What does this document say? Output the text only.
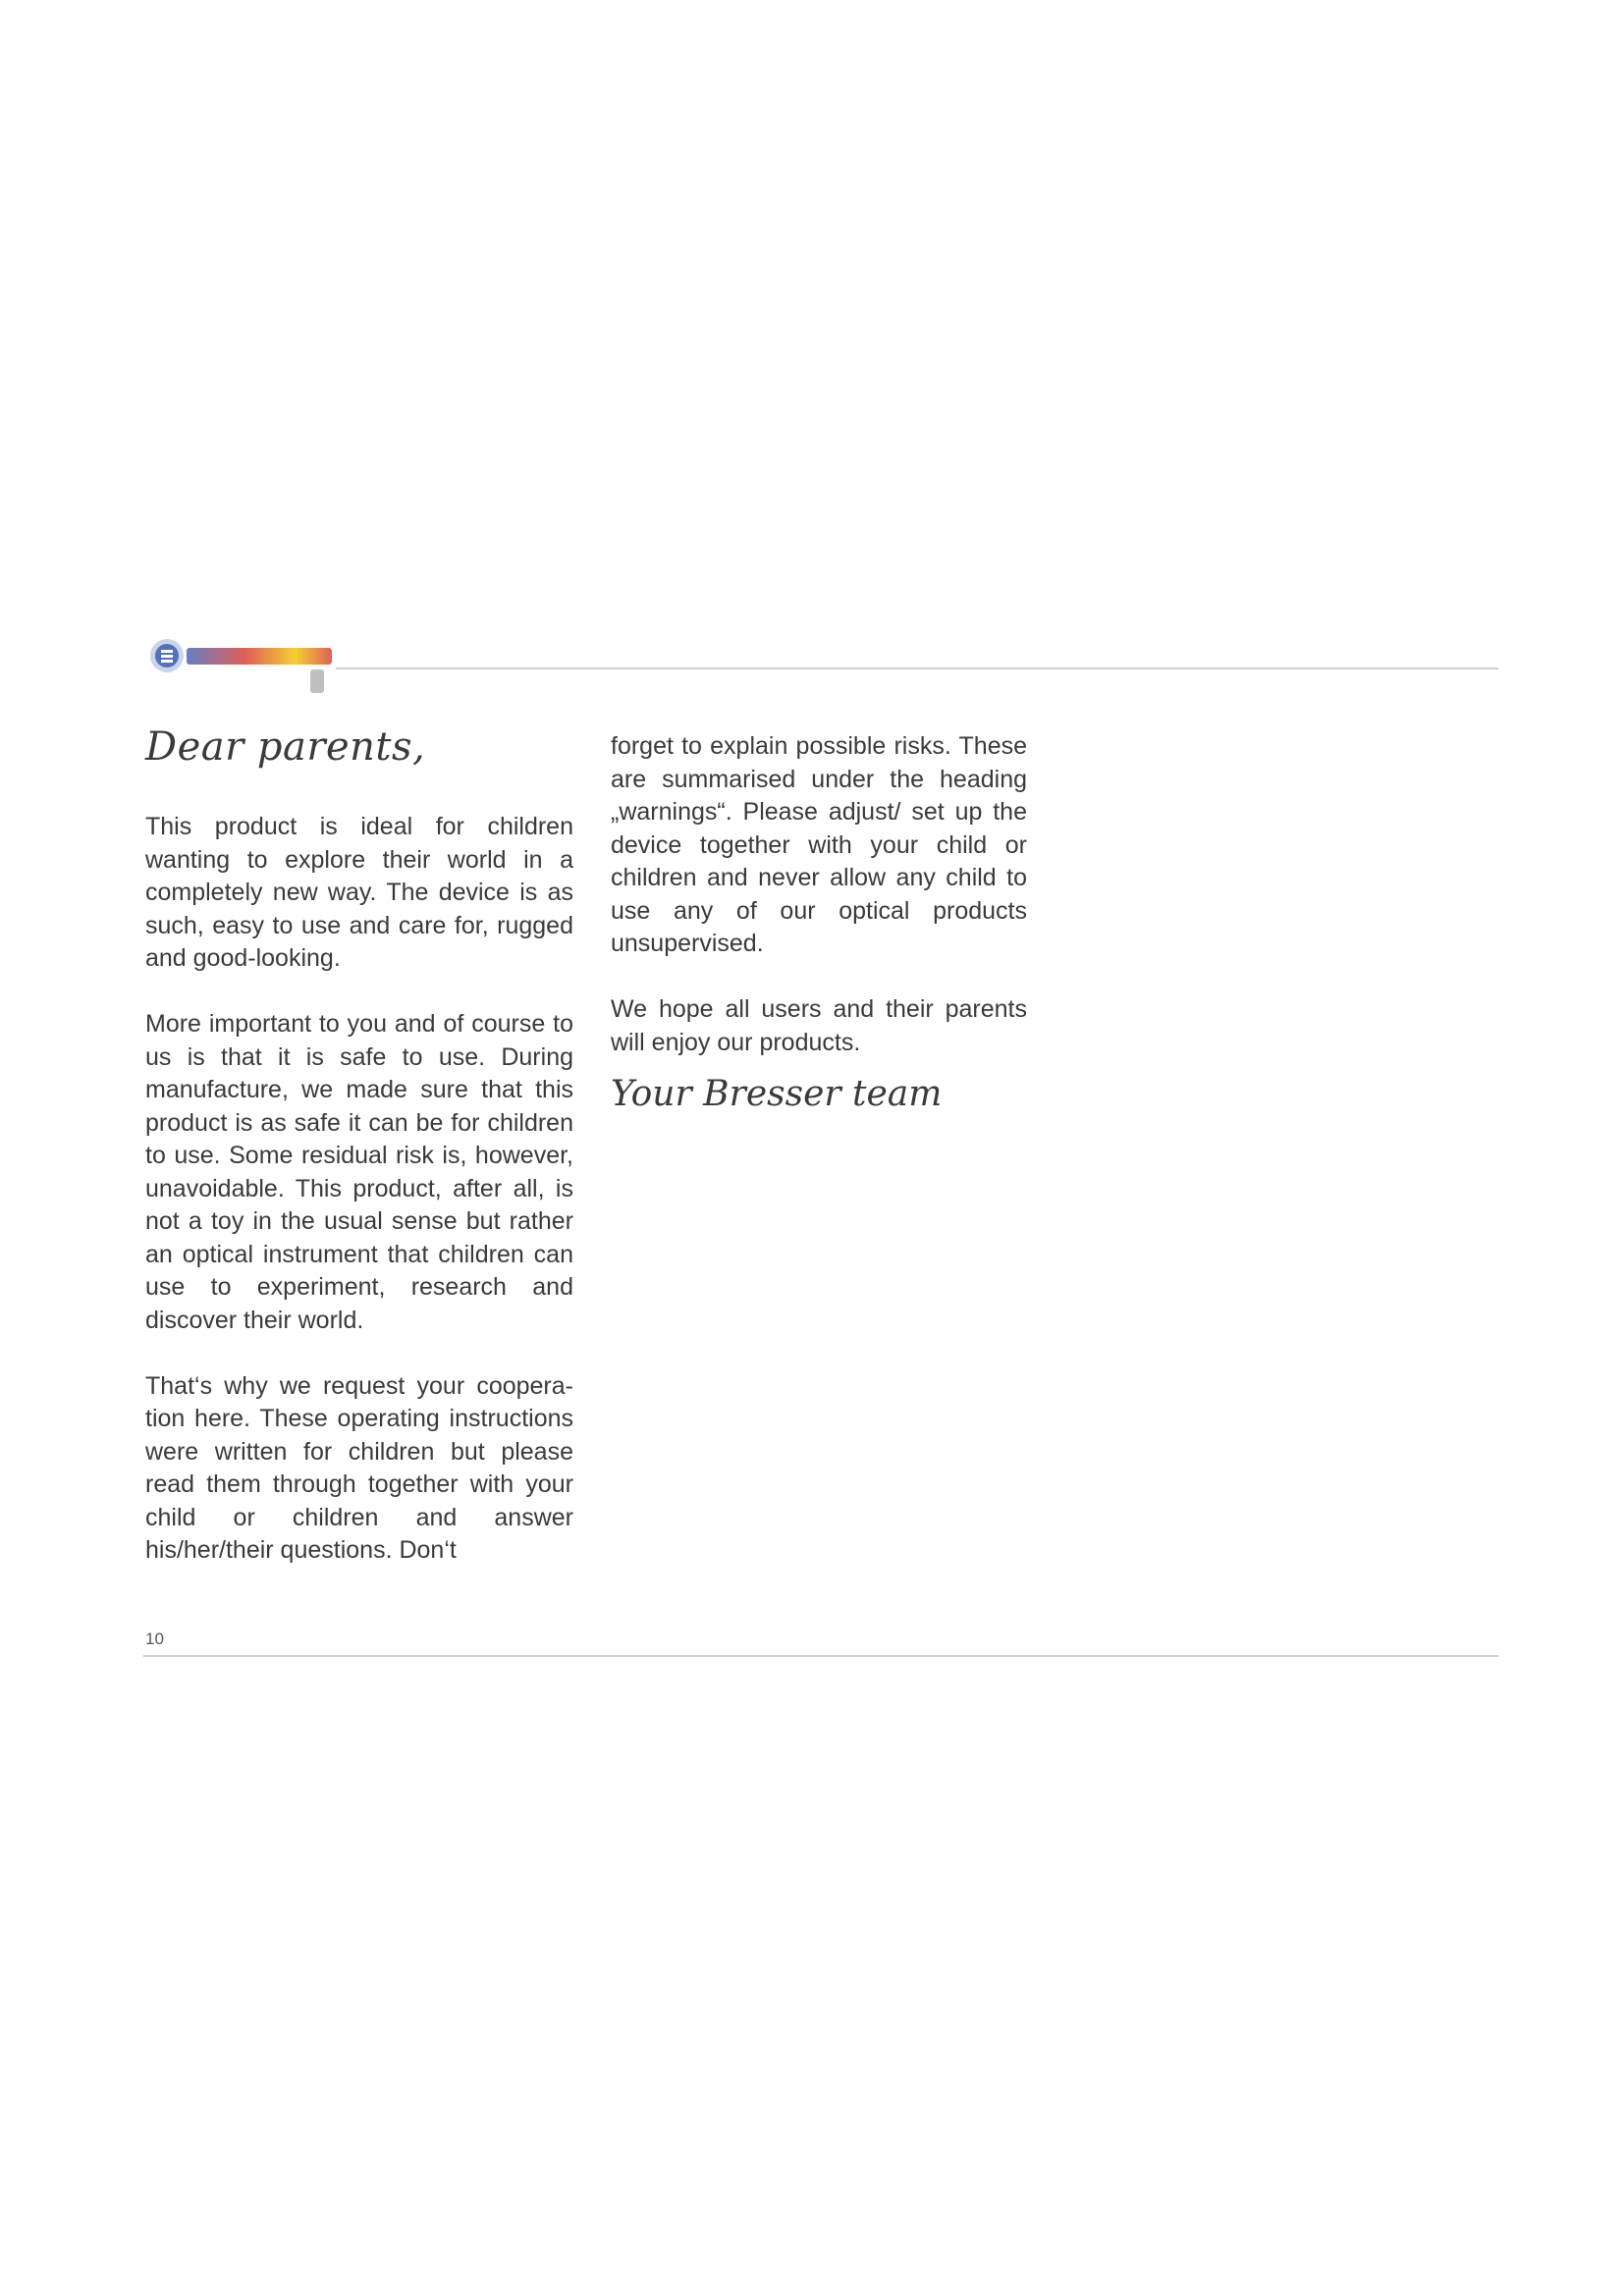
Dear parents,

This product is ideal for children wanting to explore their world in a completely new way. The device is as such, easy to use and care for, rugged and good-looking.

More important to you and of course to us is that it is safe to use. During manufacture, we made sure that this product is as safe it can be for children to use. Some residual risk is, however, unavoidable. This product, after all, is not a toy in the usual sense but rather an optical instrument that children can use to experiment, research and discover their world.

That‘s why we request your cooperation here. These operating instructions were written for children but please read them through together with your child or children and answer his/her/their questions. Don‘t

forget to explain possible risks. These are summarised under the heading „warnings“. Please adjust/ set up the device together with your child or children and never allow any child to use any of our optical products unsupervised.

We hope all users and their parents will enjoy our products.

Your Bresser team
10
